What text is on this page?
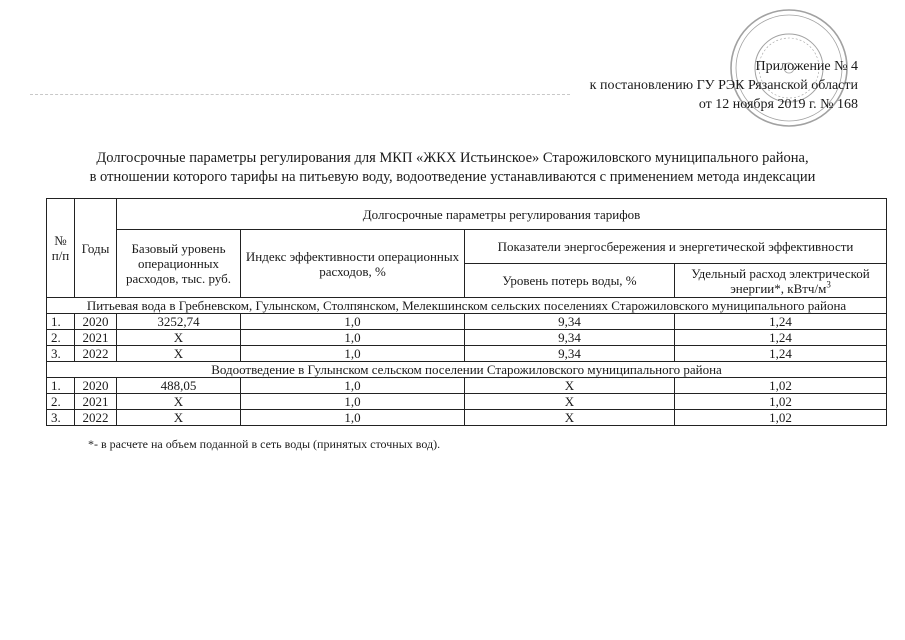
Приложение № 4
к постановлению ГУ РЭК Рязанской области
от 12 ноября 2019 г. № 168
Долгосрочные параметры регулирования для МКП «ЖКХ Истьинское» Старожиловского муниципального района,
в отношении которого тарифы на питьевую воду, водоотведение устанавливаются с применением метода индексации
№ п/п	Годы	Долгосрочные параметры регулирования тарифов			
		Базовый уровень операционных расходов, тыс. руб.	Индекс эффективности операционных расходов, %	Показатели энергосбережения и энергетической эффективности	
				Уровень потерь воды, %	Удельный расход электрической энергии*, кВтч/$м^3$
Питьевая вода в Гребневском, Гулынском, Столпянском, Мелекшинском сельских поселениях Старожиловского муниципального района					
1.	2020	3252,74	1,0	9,34	1,24
2.	2021	Х	1,0	9,34	1,24
3.	2022	Х	1,0	9,34	1,24
Водоотведение в Гулынском сельском поселении Старожиловского муниципального района					
1.	2020	488,05	1,0	Х	1,02
2.	2021	Х	1,0	Х	1,02
3.	2022	Х	1,0	Х	1,02
*- в расчете на объем поданной в сеть воды (принятых сточных вод).
